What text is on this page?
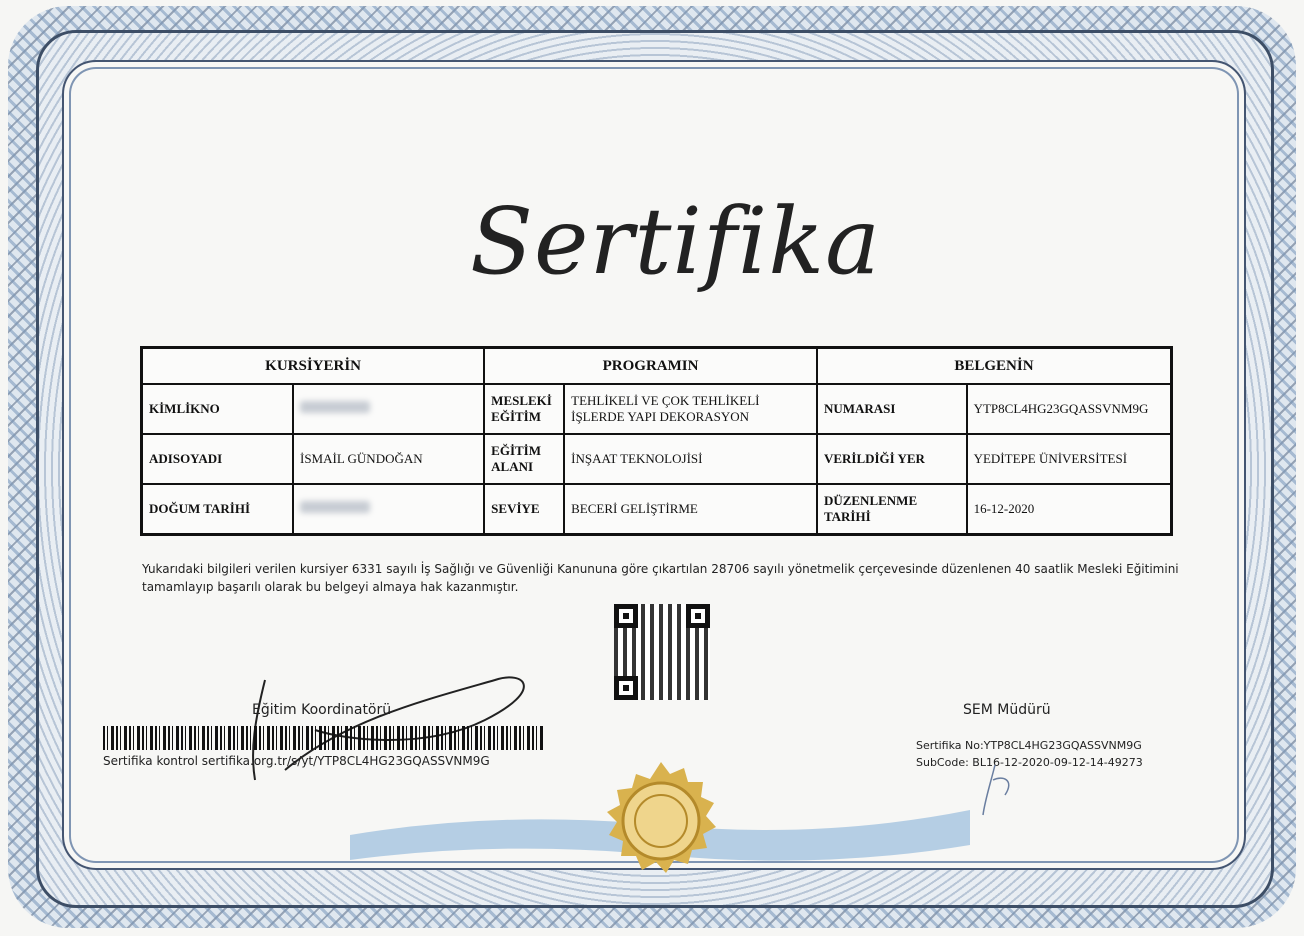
Sertifika
KURSİYERİN		PROGRAMIN		BELGENİN	
KİMLİKNO		MESLEKİ EĞİTİM	TEHLİKELİ VE ÇOK TEHLİKELİ İŞLERDE YAPI DEKORASYON	NUMARASI	YTP8CL4HG23GQASSVNM9G
ADISOYADI	İSMAİL GÜNDOĞAN	EĞİTİM ALANI	İNŞAAT TEKNOLOJİSİ	VERİLDİĞİ YER	YEDİTEPE ÜNİVERSİTESİ
DOĞUM TARİHİ		SEVİYE	BECERİ GELİŞTİRME	DÜZENLENME TARİHİ	16-12-2020
Yukarıdaki bilgileri verilen kursiyer 6331 sayılı İş Sağlığı ve Güvenliği Kanununa göre çıkartılan 28706 sayılı yönetmelik çerçevesinde düzenlenen 40 saatlik Mesleki Eğitimini tamamlayıp başarılı olarak bu belgeyi almaya hak kazanmıştır.
Eğitim Koordinatörü
Sertifika kontrol sertifika.org.tr/s/yt/YTP8CL4HG23GQASSVNM9G
SEM Müdürü
Sertifika No:YTP8CL4HG23GQASSVNM9G
SubCode: BL16-12-2020-09-12-14-49273
